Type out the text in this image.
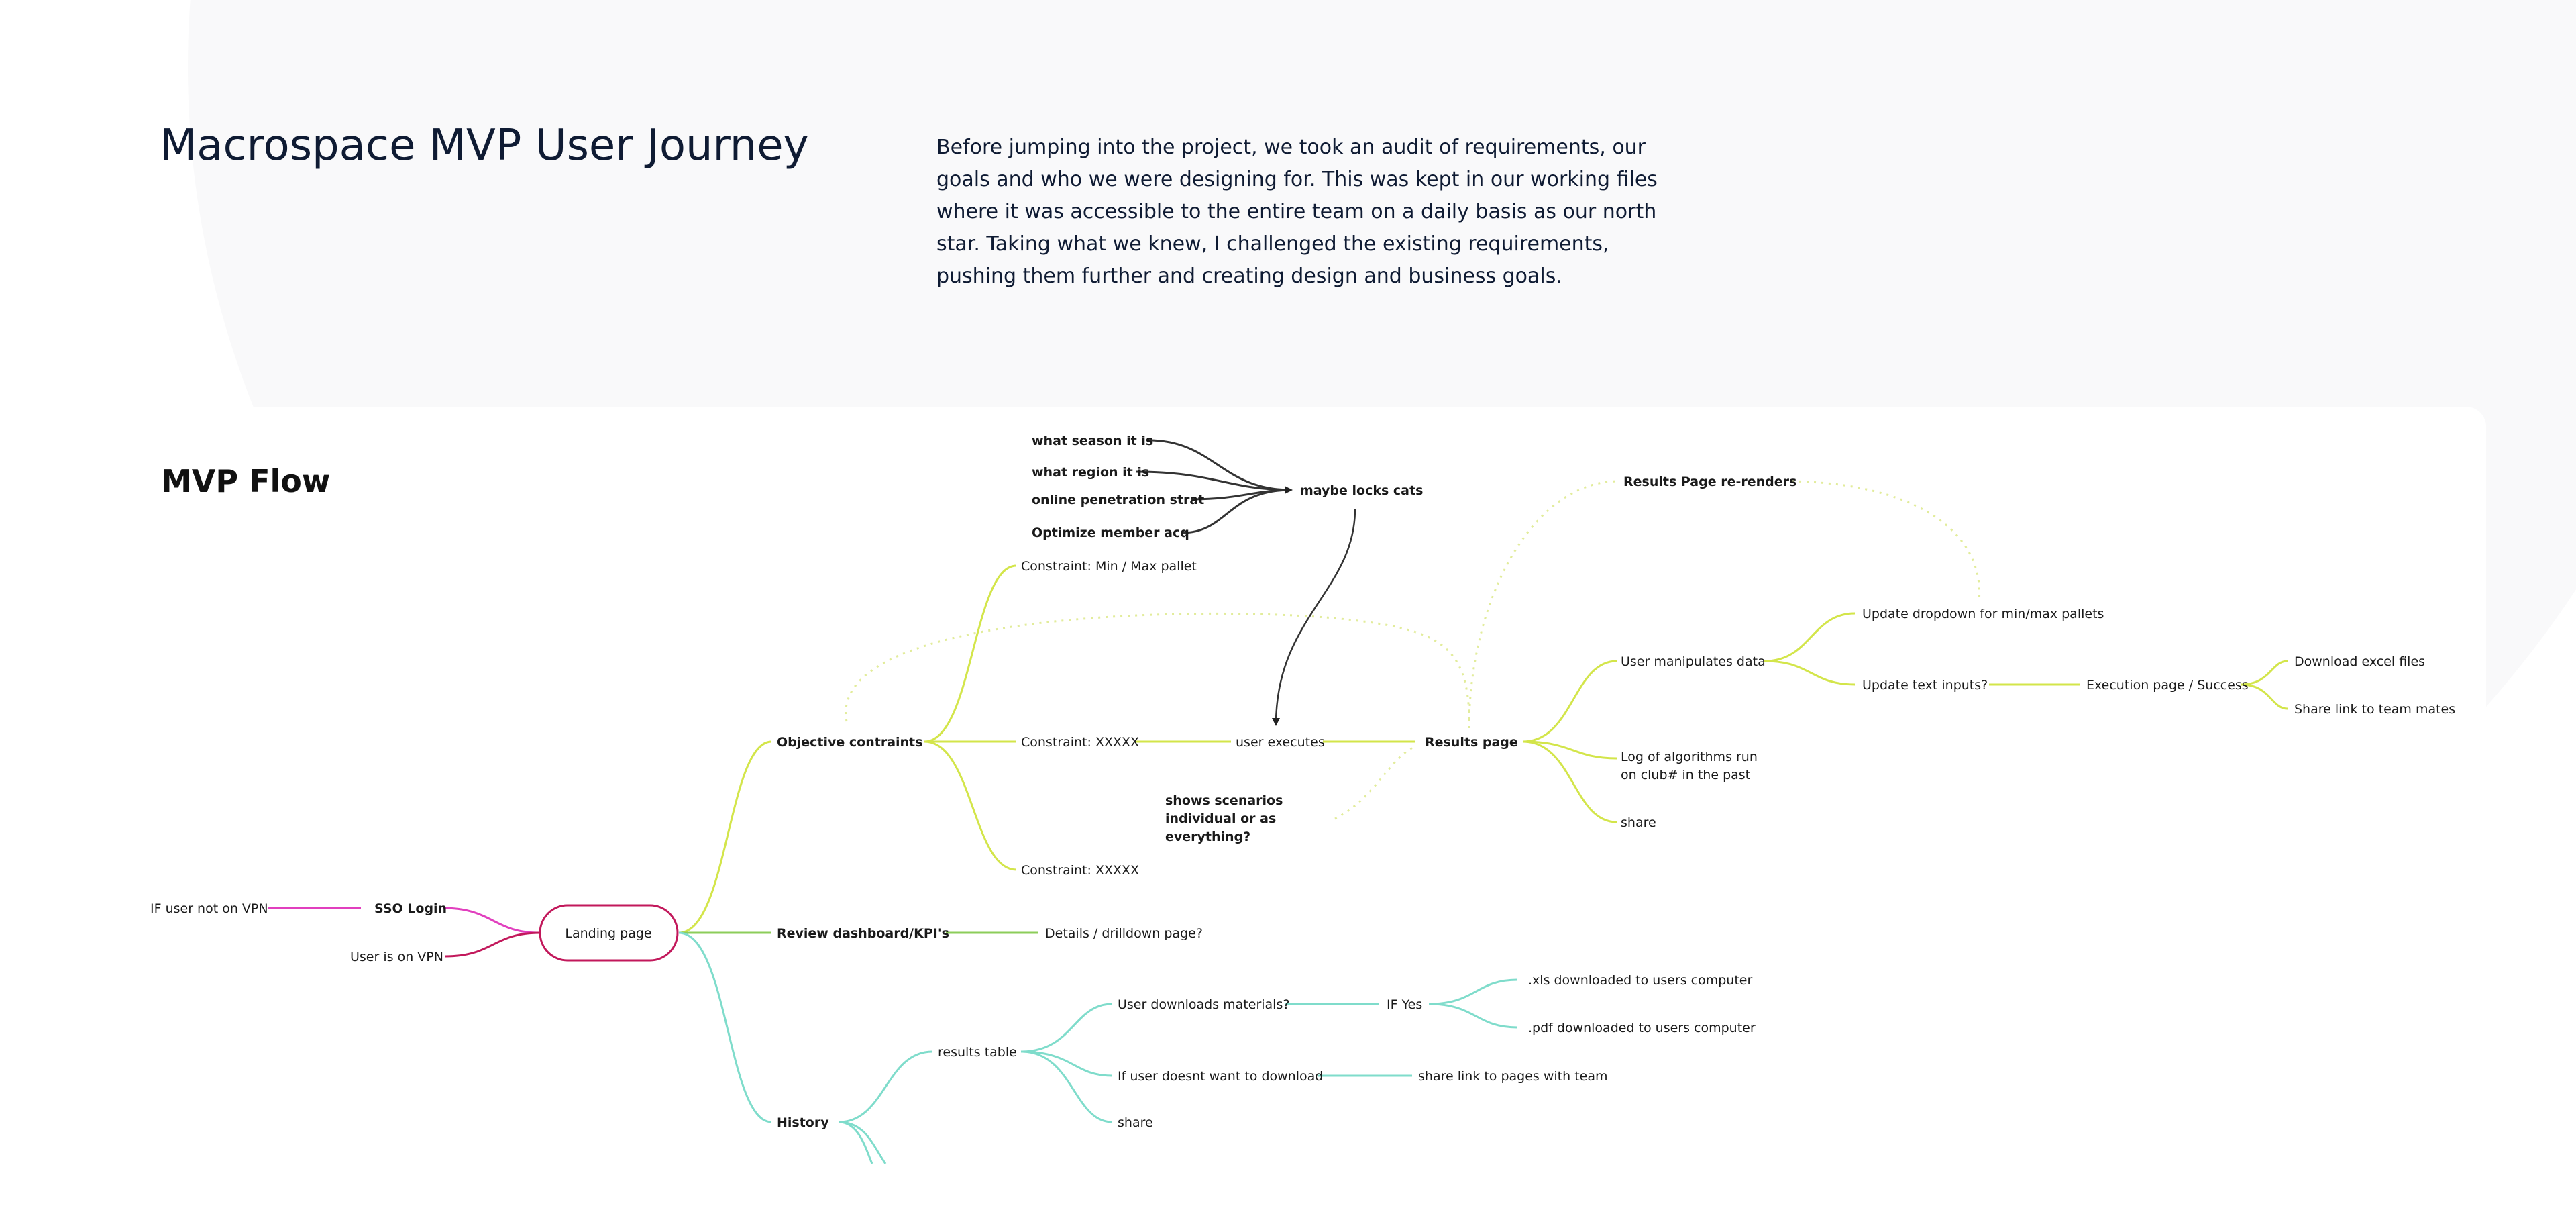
Macrospace MVP User Journey	Before jumping into the project, we took an audit of requirements, our goals and who we were designing for. This was kept in our working files where it was accessible to the entire team on a daily basis as our north star. Taking what we knew, I challenged the existing requirements, pushing them further and creating design and business goals.

MVP Flow
IF user not on VPN	SSO Login
User is on VPN
Landing page
Objective contraints
Review dashboard/KPI's	Details / drilldown page?
History
Constraint: Min / Max pallet
Constraint: XXXXX
Constraint: XXXXX
user executes	Results page
what season it is
what region it is
online penetration strat
Optimize member acq
maybe locks cats
shows scenarios individual or as everything?
Results Page re-renders
User manipulates data
Log of algorithms run on club# in the past
share
Update dropdown for min/max pallets
Update text inputs?	Execution page / Success
Download excel files
Share link to team mates
results table
User downloads materials?	IF Yes
.xls downloaded to users computer
.pdf downloaded to users computer
If user doesnt want to download	share link to pages with team
share
